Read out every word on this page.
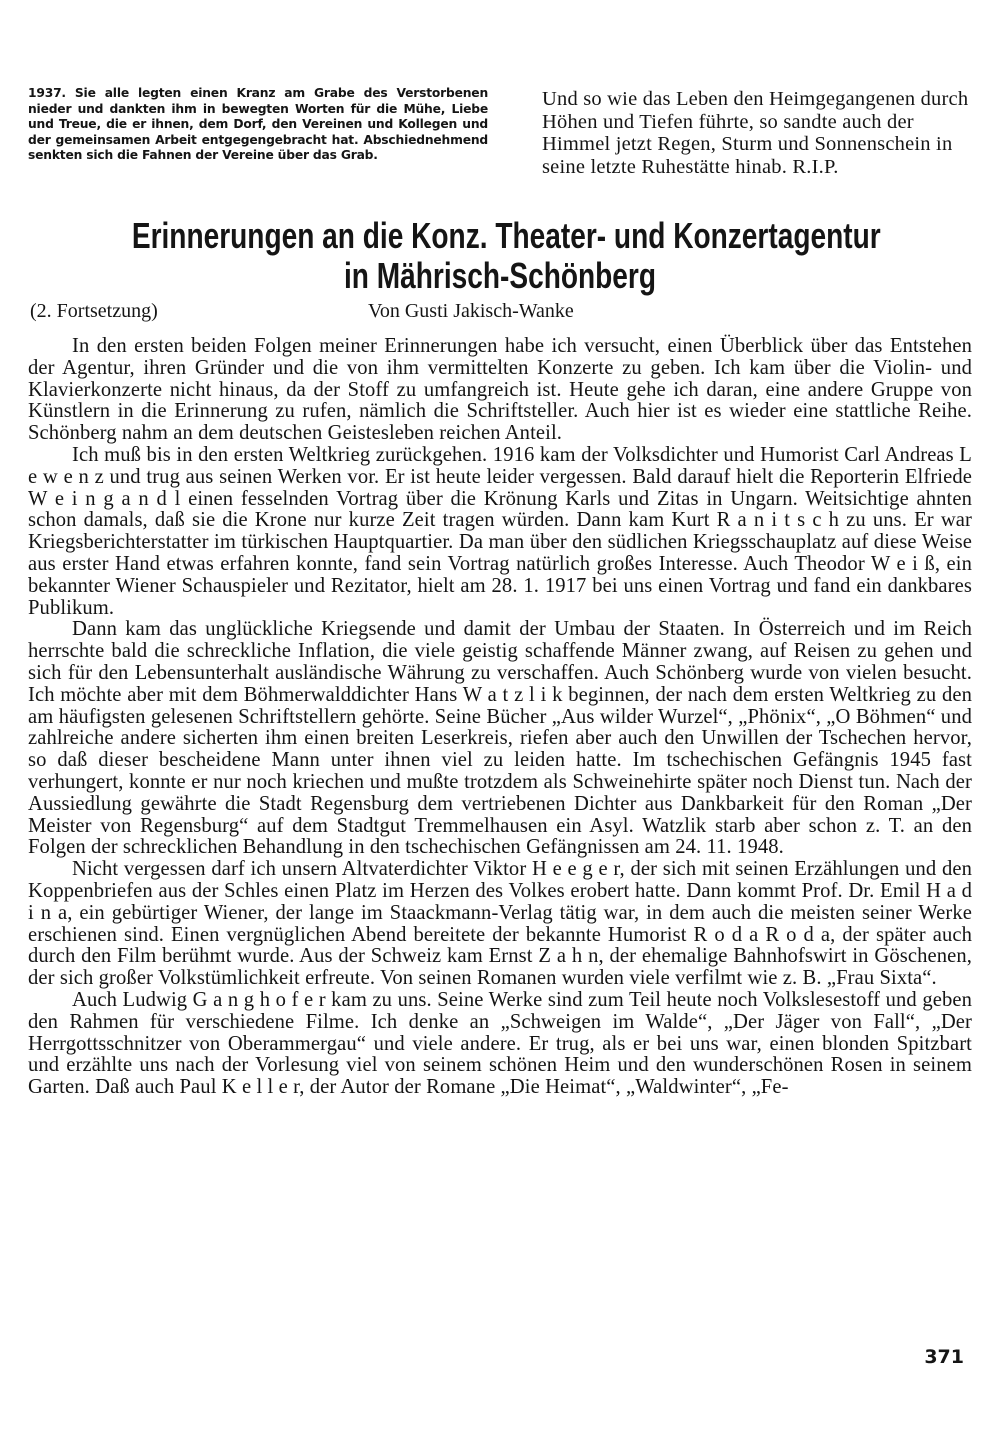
1937. Sie alle legten einen Kranz am Grabe des Verstorbenen nieder und dankten ihm in bewegten Worten für die Mühe, Liebe und Treue, die er ihnen, dem Dorf, den Vereinen und Kollegen und der gemeinsamen Arbeit entgegengebracht hat. Abschiednehmend senkten sich die Fahnen der Vereine über das Grab.
Und so wie das Leben den Heimgegangenen durch Höhen und Tiefen führte, so sandte auch der Himmel jetzt Regen, Sturm und Sonnenschein in seine letzte Ruhestätte hinab. R.I.P.
Erinnerungen an die Konz. Theater- und Konzertagentur
in Mährisch-Schönberg
(2. Fortsetzung)	Von Gusti Jakisch-Wanke

In den ersten beiden Folgen meiner Erinnerungen habe ich versucht, einen Überblick über das Entstehen der Agentur, ihren Gründer und die von ihm vermittelten Konzerte zu geben. Ich kam über die Violin- und Klavierkonzerte nicht hinaus, da der Stoff zu umfangreich ist. Heute gehe ich daran, eine andere Gruppe von Künstlern in die Erinnerung zu rufen, nämlich die Schriftsteller. Auch hier ist es wieder eine stattliche Reihe. Schönberg nahm an dem deutschen Geistesleben reichen Anteil.

Ich muß bis in den ersten Weltkrieg zurückgehen. 1916 kam der Volksdichter und Humorist Carl Andreas L e w e n z und trug aus seinen Werken vor. Er ist heute leider vergessen. Bald darauf hielt die Reporterin Elfriede W e i n g a n d l einen fesselnden Vortrag über die Krönung Karls und Zitas in Ungarn. Weitsichtige ahnten schon damals, daß sie die Krone nur kurze Zeit tragen würden. Dann kam Kurt R a n i t s c h zu uns. Er war Kriegsberichterstatter im türkischen Hauptquartier. Da man über den südlichen Kriegsschauplatz auf diese Weise aus erster Hand etwas erfahren konnte, fand sein Vortrag natürlich großes Interesse. Auch Theodor W e i ß, ein bekannter Wiener Schauspieler und Rezitator, hielt am 28. 1. 1917 bei uns einen Vortrag und fand ein dankbares Publikum.

Dann kam das unglückliche Kriegsende und damit der Umbau der Staaten. In Österreich und im Reich herrschte bald die schreckliche Inflation, die viele geistig schaffende Männer zwang, auf Reisen zu gehen und sich für den Lebensunterhalt ausländische Währung zu verschaffen. Auch Schönberg wurde von vielen besucht. Ich möchte aber mit dem Böhmerwalddichter Hans W a t z l i k beginnen, der nach dem ersten Weltkrieg zu den am häufigsten gelesenen Schriftstellern gehörte. Seine Bücher „Aus wilder Wurzel“, „Phönix“, „O Böhmen“ und zahlreiche andere sicherten ihm einen breiten Leserkreis, riefen aber auch den Unwillen der Tschechen hervor, so daß dieser bescheidene Mann unter ihnen viel zu leiden hatte. Im tschechischen Gefängnis 1945 fast verhungert, konnte er nur noch kriechen und mußte trotzdem als Schweinehirte später noch Dienst tun. Nach der Aussiedlung gewährte die Stadt Regensburg dem vertriebenen Dichter aus Dankbarkeit für den Roman „Der Meister von Regensburg“ auf dem Stadtgut Tremmelhausen ein Asyl. Watzlik starb aber schon z. T. an den Folgen der schrecklichen Behandlung in den tschechischen Gefängnissen am 24. 11. 1948.

Nicht vergessen darf ich unsern Altvaterdichter Viktor H e e g e r, der sich mit seinen Erzählungen und den Koppenbriefen aus der Schles einen Platz im Herzen des Volkes erobert hatte. Dann kommt Prof. Dr. Emil H a d i n a, ein gebürtiger Wiener, der lange im Staackmann-Verlag tätig war, in dem auch die meisten seiner Werke erschienen sind. Einen vergnüglichen Abend bereitete der bekannte Humorist R o d a R o d a, der später auch durch den Film berühmt wurde. Aus der Schweiz kam Ernst Z a h n, der ehemalige Bahnhofswirt in Göschenen, der sich großer Volkstümlichkeit erfreute. Von seinen Romanen wurden viele verfilmt wie z. B. „Frau Sixta“.

Auch Ludwig G a n g h o f e r kam zu uns. Seine Werke sind zum Teil heute noch Volkslesestoff und geben den Rahmen für verschiedene Filme. Ich denke an „Schweigen im Walde“, „Der Jäger von Fall“, „Der Herrgottsschnitzer von Oberammergau“ und viele andere. Er trug, als er bei uns war, einen blonden Spitzbart und erzählte uns nach der Vorlesung viel von seinem schönen Heim und den wunderschönen Rosen in seinem Garten. Daß auch Paul K e l l e r, der Autor der Romane „Die Heimat“, „Waldwinter“, „Fe-

371
